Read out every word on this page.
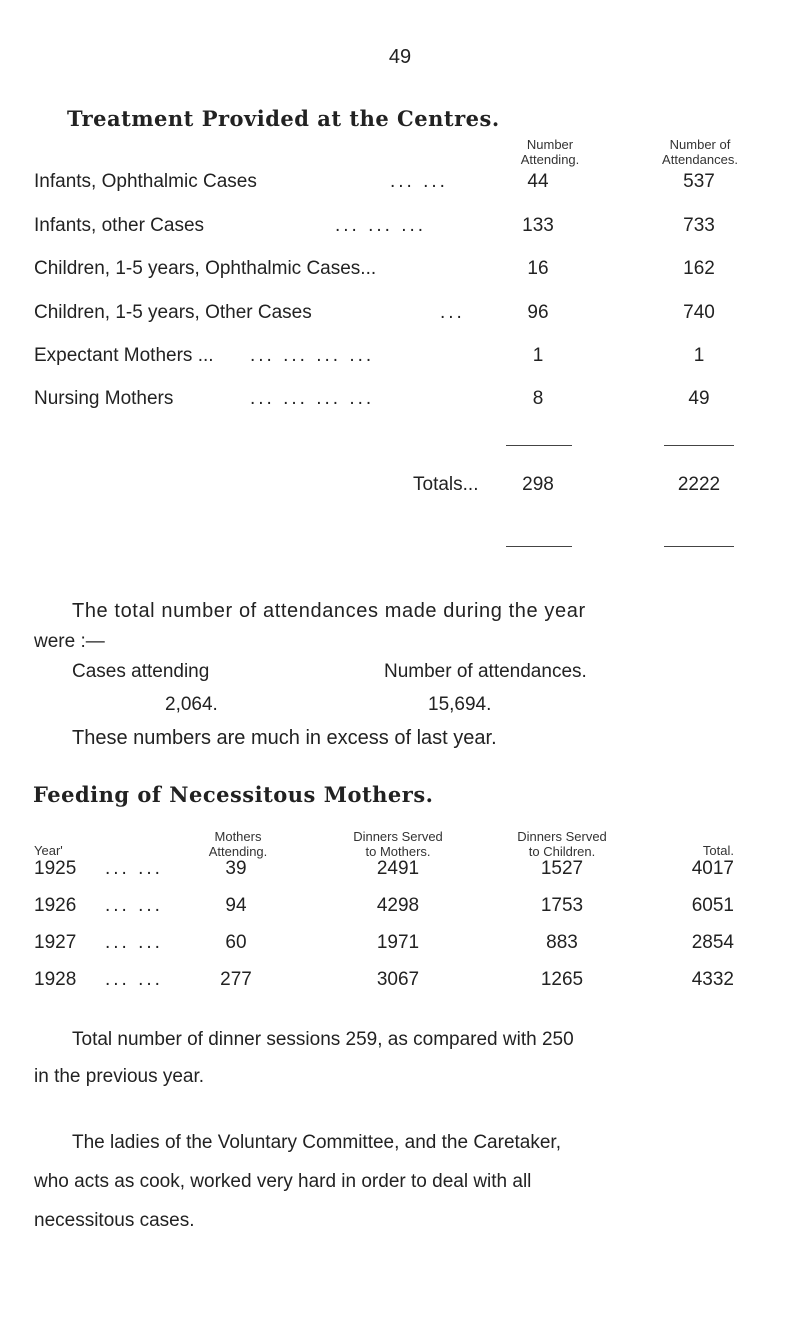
49
Treatment Provided at the Centres.
Number
Attending.
Number of
Attendances.
Infants, Ophthalmic Cases	... ...	44	537
Infants, other Cases	... ... ...	133	733
Children, 1-5 years, Ophthalmic Cases...	16	162
Children, 1-5 years, Other Cases	...	96	740
Expectant Mothers ... ... ... ... ...	1	1
Nursing Mothers	... ... ... ...	8	49
Totals...	298	2222
The total number of attendances made during the year
were :—
Cases attending	Number of attendances.
2,064.	15,694.
These numbers are much in excess of last year.
Feeding of Necessitous Mothers.
Year'
Mothers
Attending.
Dinners Served
to Mothers.
Dinners Served
to Children.	Total.
1925 ... ...	39	2491	1527	4017
1926 ... ...	94	4298	1753	6051
1927 ... ...	60	1971	883	2854
1928 ... ...	277	3067	1265	4332
Total number of dinner sessions 259, as compared with 250
in the previous year.
The ladies of the Voluntary Committee, and the Caretaker,
who acts as cook, worked very hard in order to deal with all
necessitous cases.
